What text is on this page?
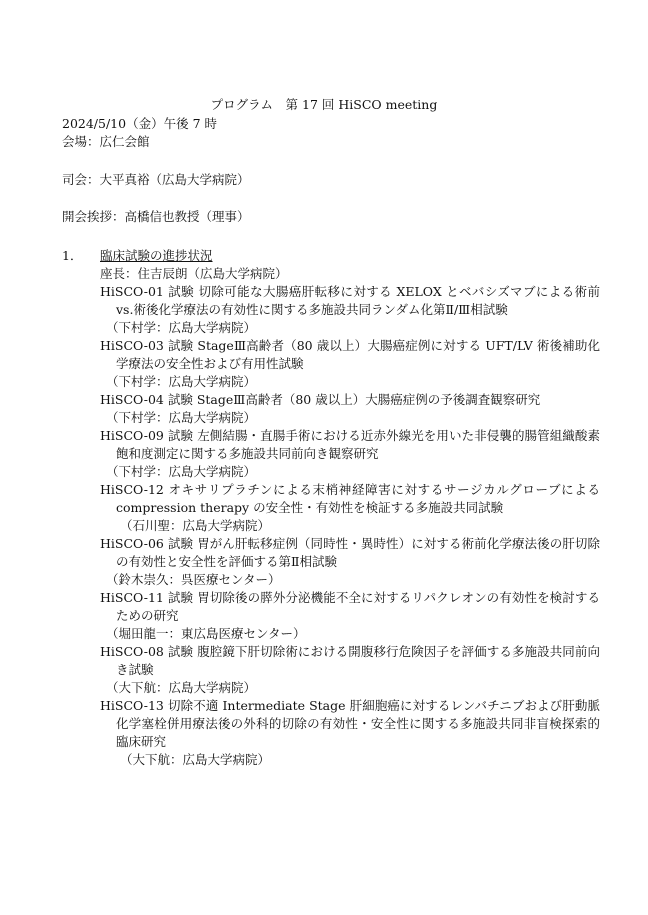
プログラム　第 17 回 HiSCO meeting
2024/5/10（金）午後 7 時
会場：広仁会館
司会：大平真裕（広島大学病院）
開会挨拶：高橋信也教授（理事）
1． 臨床試験の進捗状況
座長：住吉辰朗（広島大学病院）
HiSCO-01 試験 切除可能な大腸癌肝転移に対する XELOX とベバシズマブによる術前 vs.術後化学療法の有効性に関する多施設共同ランダム化第Ⅱ/Ⅲ相試験
（下村学：広島大学病院）
HiSCO-03 試験 StageⅢ高齢者（80 歳以上）大腸癌症例に対する UFT/LV 術後補助化学療法の安全性および有用性試験
（下村学：広島大学病院）
HiSCO-04 試験 StageⅢ高齢者（80 歳以上）大腸癌症例の予後調査観察研究
（下村学：広島大学病院）
HiSCO-09 試験 左側結腸・直腸手術における近赤外線光を用いた非侵襲的腸管組織酸素飽和度測定に関する多施設共同前向き観察研究
（下村学：広島大学病院）
HiSCO-12 オキサリプラチンによる末梢神経障害に対するサージカルグローブによる compression therapy の安全性・有効性を検証する多施設共同試験
（石川聖：広島大学病院）
HiSCO-06 試験 胃がん肝転移症例（同時性・異時性）に対する術前化学療法後の肝切除の有効性と安全性を評価する第Ⅱ相試験
（鈴木崇久：呉医療センター）
HiSCO-11 試験 胃切除後の膵外分泌機能不全に対するリパクレオンの有効性を検討するための研究
（堀田龍一：東広島医療センター）
HiSCO-08 試験 腹腔鏡下肝切除術における開腹移行危険因子を評価する多施設共同前向き試験
（大下航：広島大学病院）
HiSCO-13 切除不適 Intermediate Stage 肝細胞癌に対するレンバチニブおよび肝動脈化学塞栓併用療法後の外科的切除の有効性・安全性に関する多施設共同非盲検探索的臨床研究
（大下航：広島大学病院）
